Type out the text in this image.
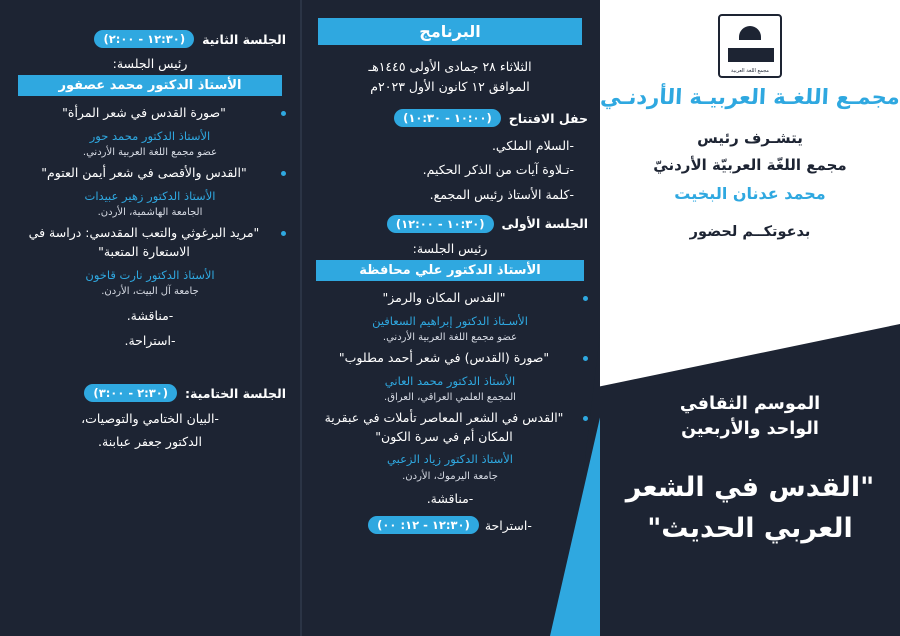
الجلسة الثانية
(١٢:٣٠ - ٢:٠٠)
رئيس الجلسة:
الأستاذ الدكتور محمد عصفور
"صورة القدس في شعر المرأة"
الأستاذ الدكتور محمد حور
عضو مجمع اللغة العربية الأردني.
"القدس والأقصى في شعر أيمن العتوم"
الأستاذ الدكتور زهير عبيدات
الجامعة الهاشمية، الأردن.
"مريد البرغوثي والتعب المقدسي: دراسة في الاستعارة المتعبة"
الأستاذ الدكتور نارت قاخون
جامعة آل البيت، الأردن.
-مناقشة.
-استراحة.
الجلسة الختامية:
(٢:٣٠ - ٣:٠٠)
-البيان الختامي والتوصيات،
الدكتور جعفر عبابنة.
البرنامج
الثلاثاء ٢٨ جمادى الأولى ١٤٤٥هـ
الموافق ١٢ كانون الأول ٢٠٢٣م
حفل الافتتاح
(١٠:٠٠ - ١٠:٣٠)
-السلام الملكي.
-تـلاوة آيات من الذكر الحكيم.
-كلمة الأستاذ رئيس المجمع.
الجلسة الأولى
(١٠:٣٠ - ١٢:٠٠)
رئيس الجلسة:
الأستاذ الدكتور علي محافظة
"القدس المكان والرمز"
الأسـتاذ الدكتور إبراهيم السعافين
عضو مجمع اللغة العربية الأردني.
"صورة (القدس) في شعر أحمد مطلوب"
الأستاذ الدكتور محمد العاني
المجمع العلمي العراقي، العراق.
"القدس في الشعر المعاصر تأملات في عبقرية المكان أم في سرة الكون"
الأستاذ الدكتور زياد الزعبي
جامعة اليرموك، الأردن.
-مناقشة.
-استراحة
(١٢:٣٠ - ١٢: ٠٠)
مجمع اللغة العربية
مجمـع اللغـة العربيـة الأردنـي
يتشـرف رئيس
مجمع اللغّة العربيّة الأردنيّ
محمد عدنان البخيت
بدعوتكــم لحضور
الموسم الثقافي
الواحد والأربعين
"القدس في الشعر
العربي الحديث"
